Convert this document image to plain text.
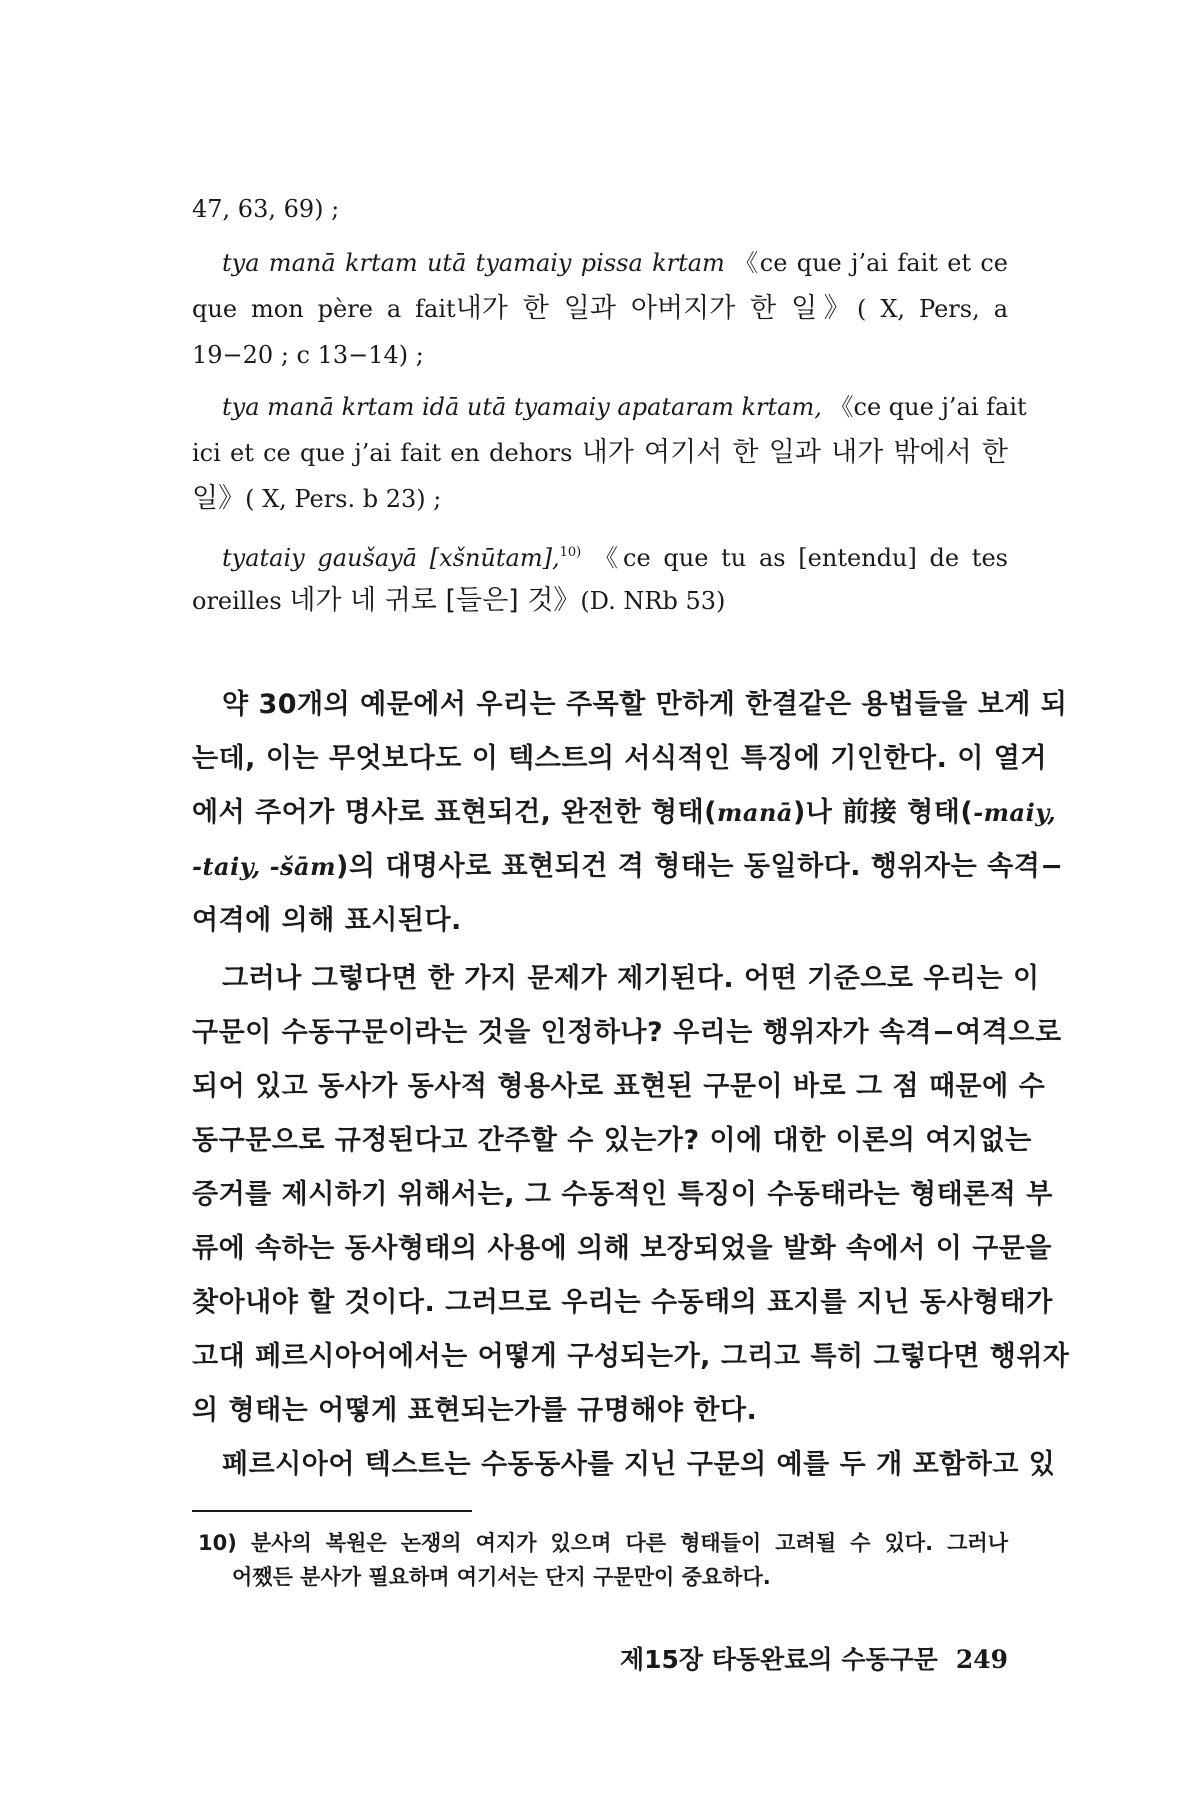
47, 63, 69) ;
tya manā krtam utā tyamaiy pissa krtam 《ce que j’ai fait et ce
que mon père a fait내가 한 일과 아버지가 한 일》( X, Pers, a
19−20 ; c 13−14) ;
tya manā krtam idā utā tyamaiy apataram krtam, 《ce que j’ai fait
ici et ce que j’ai fait en dehors 내가 여기서 한 일과 내가 밖에서 한
일》( X, Pers. b 23) ;
tyataiy gaušayā [xšnūtam],$^{10)}$ 《ce que tu as [entendu] de tes
oreilles 네가 네 귀로 [들은] 것》(D. NRb 53)
약 30개의 예문에서 우리는 주목할 만하게 한결같은 용법들을 보게 되
는데, 이는 무엇보다도 이 텍스트의 서식적인 특징에 기인한다. 이 열거
에서 주어가 명사로 표현되건, 완전한 형태(manā)나 前接 형태(-maiy,
-taiy, -šām)의 대명사로 표현되건 격 형태는 동일하다. 행위자는 속격−
여격에 의해 표시된다.
그러나 그렇다면 한 가지 문제가 제기된다. 어떤 기준으로 우리는 이
구문이 수동구문이라는 것을 인정하나? 우리는 행위자가 속격−여격으로
되어 있고 동사가 동사적 형용사로 표현된 구문이 바로 그 점 때문에 수
동구문으로 규정된다고 간주할 수 있는가? 이에 대한 이론의 여지없는
증거를 제시하기 위해서는, 그 수동적인 특징이 수동태라는 형태론적 부
류에 속하는 동사형태의 사용에 의해 보장되었을 발화 속에서 이 구문을
찾아내야 할 것이다. 그러므로 우리는 수동태의 표지를 지닌 동사형태가
고대 페르시아어에서는 어떻게 구성되는가, 그리고 특히 그렇다면 행위자
의 형태는 어떻게 표현되는가를 규명해야 한다.
페르시아어 텍스트는 수동동사를 지닌 구문의 예를 두 개 포함하고 있
10) 분사의 복원은 논쟁의 여지가 있으며 다른 형태들이 고려될 수 있다. 그러나
어쨌든 분사가 필요하며 여기서는 단지 구문만이 중요하다.
제15장 타동완료의 수동구문 249
